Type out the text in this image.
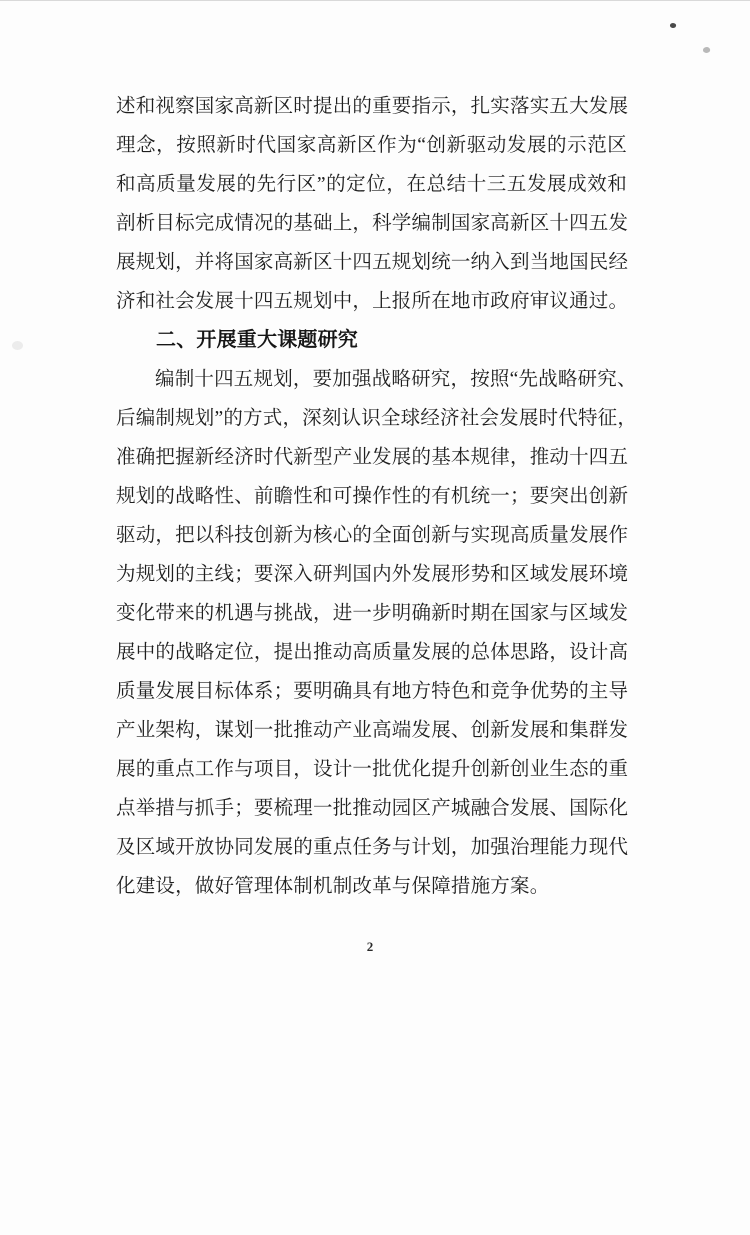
述和视察国家高新区时提出的重要指示，扎实落实五大发展
理念，按照新时代国家高新区作为“创新驱动发展的示范区
和高质量发展的先行区”的定位，在总结十三五发展成效和
剖析目标完成情况的基础上，科学编制国家高新区十四五发
展规划，并将国家高新区十四五规划统一纳入到当地国民经
济和社会发展十四五规划中，上报所在地市政府审议通过。
二、开展重大课题研究
编制十四五规划，要加强战略研究，按照“先战略研究、
后编制规划”的方式，深刻认识全球经济社会发展时代特征，
准确把握新经济时代新型产业发展的基本规律，推动十四五
规划的战略性、前瞻性和可操作性的有机统一；要突出创新
驱动，把以科技创新为核心的全面创新与实现高质量发展作
为规划的主线；要深入研判国内外发展形势和区域发展环境
变化带来的机遇与挑战，进一步明确新时期在国家与区域发
展中的战略定位，提出推动高质量发展的总体思路，设计高
质量发展目标体系；要明确具有地方特色和竞争优势的主导
产业架构，谋划一批推动产业高端发展、创新发展和集群发
展的重点工作与项目，设计一批优化提升创新创业生态的重
点举措与抓手；要梳理一批推动园区产城融合发展、国际化
及区域开放协同发展的重点任务与计划，加强治理能力现代
化建设，做好管理体制机制改革与保障措施方案。
2
